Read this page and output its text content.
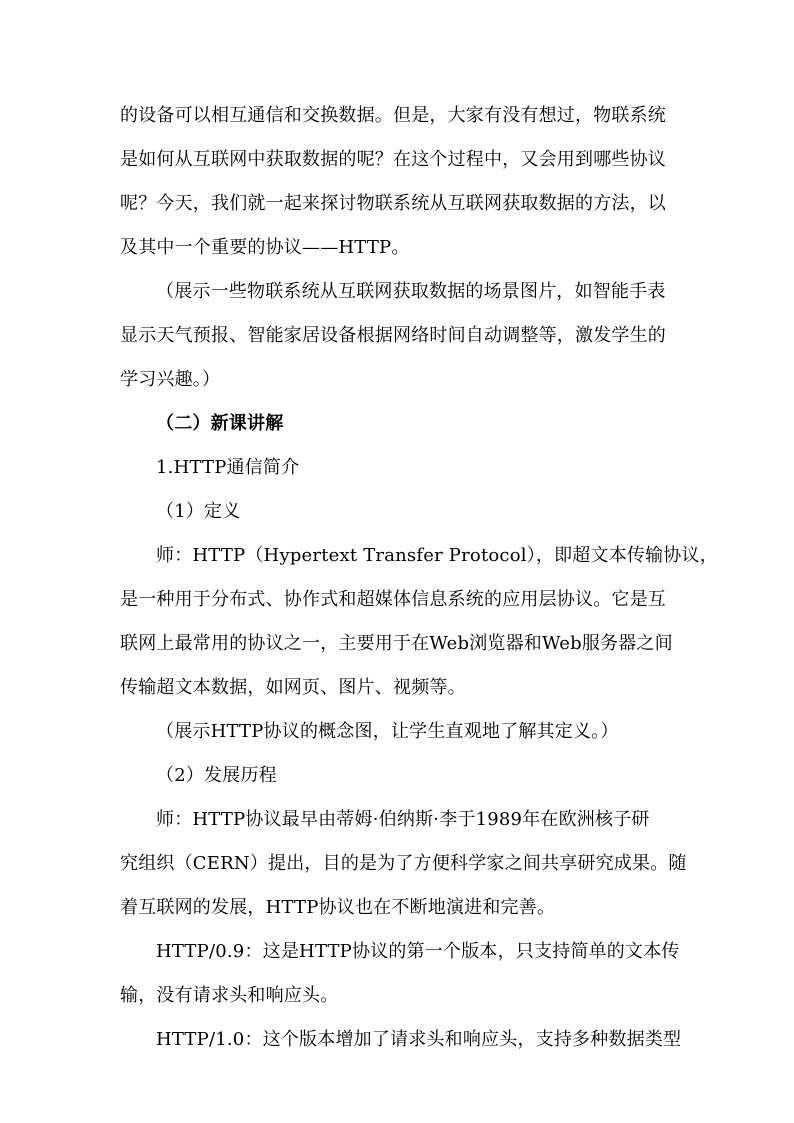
的设备可以相互通信和交换数据。但是，大家有没有想过，物联系统
是如何从互联网中获取数据的呢？在这个过程中，又会用到哪些协议
呢？今天，我们就一起来探讨物联系统从互联网获取数据的方法，以
及其中一个重要的协议——HTTP。
（展示一些物联系统从互联网获取数据的场景图片，如智能手表
显示天气预报、智能家居设备根据网络时间自动调整等，激发学生的
学习兴趣。）
（二）新课讲解
1.HTTP通信简介
（1）定义
师：HTTP（Hypertext Transfer Protocol），即超文本传输协议，
是一种用于分布式、协作式和超媒体信息系统的应用层协议。它是互
联网上最常用的协议之一，主要用于在Web浏览器和Web服务器之间
传输超文本数据，如网页、图片、视频等。
（展示HTTP协议的概念图，让学生直观地了解其定义。）
（2）发展历程
师：HTTP协议最早由蒂姆·伯纳斯·李于1989年在欧洲核子研
究组织（CERN）提出，目的是为了方便科学家之间共享研究成果。随
着互联网的发展，HTTP协议也在不断地演进和完善。
HTTP/0.9：这是HTTP协议的第一个版本，只支持简单的文本传
输，没有请求头和响应头。
HTTP/1.0：这个版本增加了请求头和响应头，支持多种数据类型
